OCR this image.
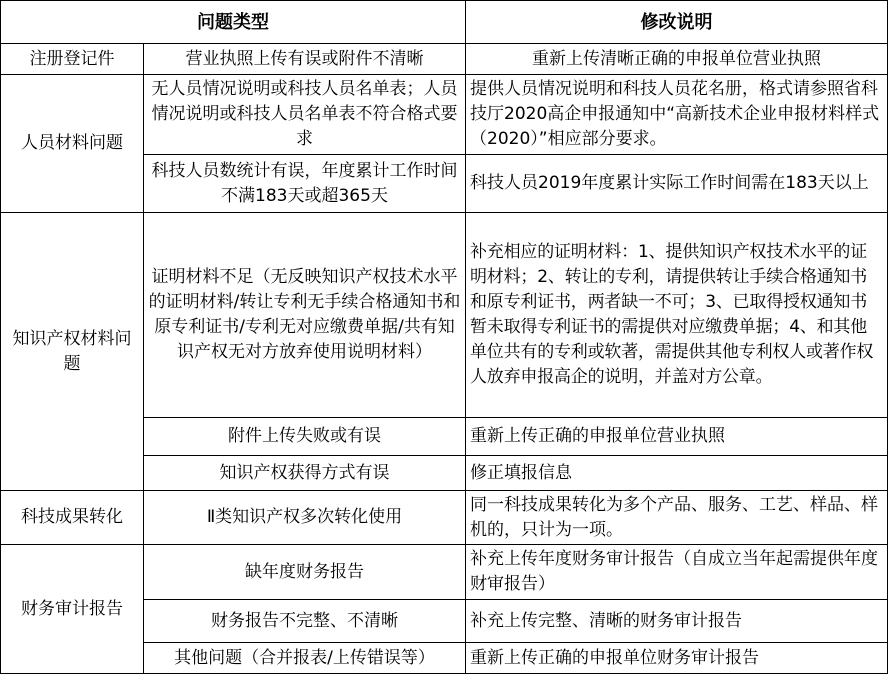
问题类型		修改说明
注册登记件	营业执照上传有误或附件不清晰	重新上传清晰正确的申报单位营业执照
人员材料问题	无人员情况说明或科技人员名单表；人员情况说明或科技人员名单表不符合格式要求	提供人员情况说明和科技人员花名册，格式请参照省科技厅2020高企申报通知中“高新技术企业申报材料样式（2020）”相应部分要求。
	科技人员数统计有误，年度累计工作时间不满183天或超365天	科技人员2019年度累计实际工作时间需在183天以上
知识产权材料问题	证明材料不足（无反映知识产权技术水平的证明材料/转让专利无手续合格通知书和原专利证书/专利无对应缴费单据/共有知识产权无对方放弃使用说明材料）	补充相应的证明材料：1、提供知识产权技术水平的证明材料；2、转让的专利，请提供转让手续合格通知书和原专利证书，两者缺一不可；3、已取得授权通知书暂未取得专利证书的需提供对应缴费单据；4、和其他单位共有的专利或软著，需提供其他专利权人或著作权人放弃申报高企的说明，并盖对方公章。
	附件上传失败或有误	重新上传正确的申报单位营业执照
	知识产权获得方式有误	修正填报信息
科技成果转化	Ⅱ类知识产权多次转化使用	同一科技成果转化为多个产品、服务、工艺、样品、样机的，只计为一项。
财务审计报告	缺年度财务报告	补充上传年度财务审计报告（自成立当年起需提供年度财审报告）
	财务报告不完整、不清晰	补充上传完整、清晰的财务审计报告
	其他问题（合并报表/上传错误等）	重新上传正确的申报单位财务审计报告
